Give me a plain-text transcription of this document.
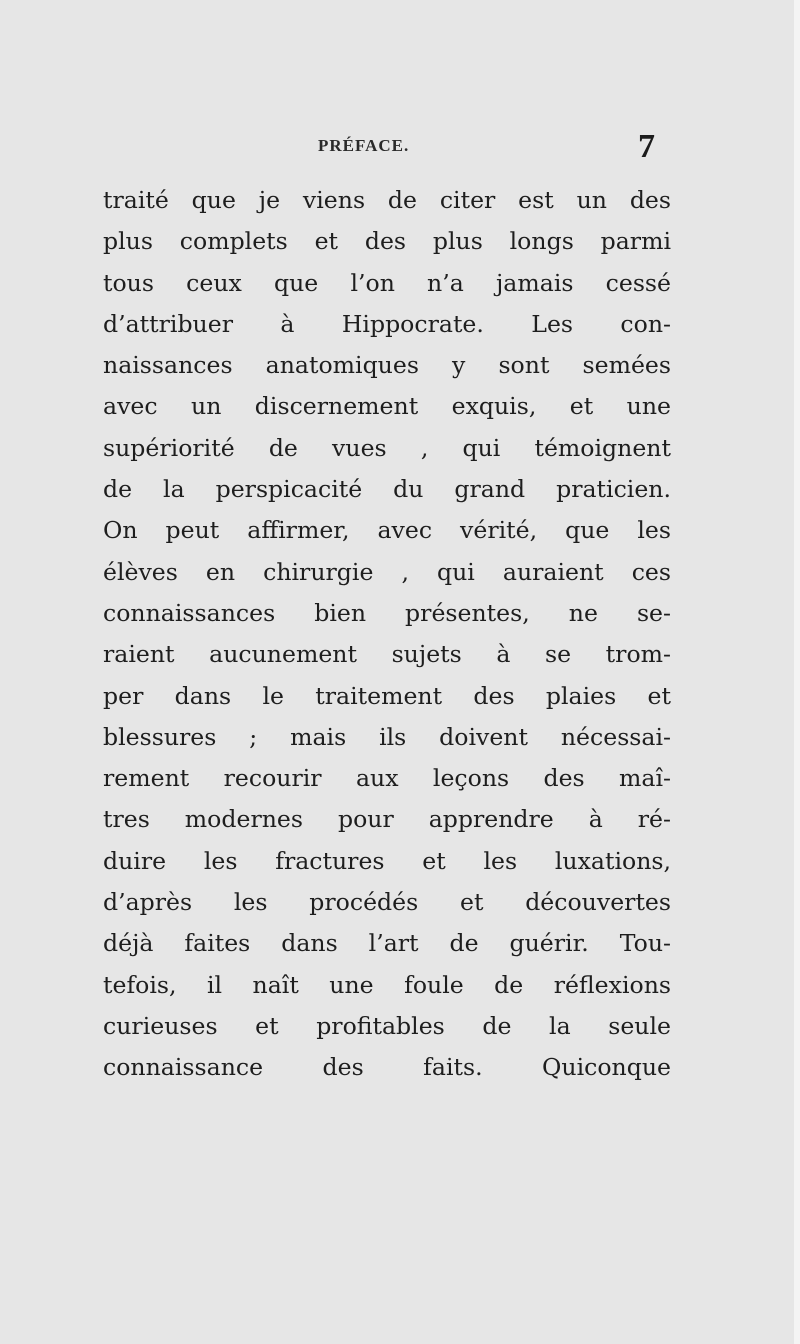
PRÉFACE.	7
traité que je viens de citer est un des
plus complets et des plus longs parmi
tous ceux que l’on n’a jamais cessé
d’attribuer à Hippocrate. Les con-
naissances anatomiques y sont semées
avec un discernement exquis, et une
supériorité de vues , qui témoignent
de la perspicacité du grand praticien.
On peut affirmer, avec vérité, que les
élèves en chirurgie , qui auraient ces
connaissances bien présentes, ne se-
raient aucunement sujets à se trom-
per dans le traitement des plaies et
blessures ; mais ils doivent nécessai-
rement recourir aux leçons des maî-
tres modernes pour apprendre à ré-
duire les fractures et les luxations,
d’après les procédés et découvertes
déjà faites dans l’art de guérir. Tou-
tefois, il naît une foule de réflexions
curieuses et profitables de la seule
connaissance des faits. Quiconque
